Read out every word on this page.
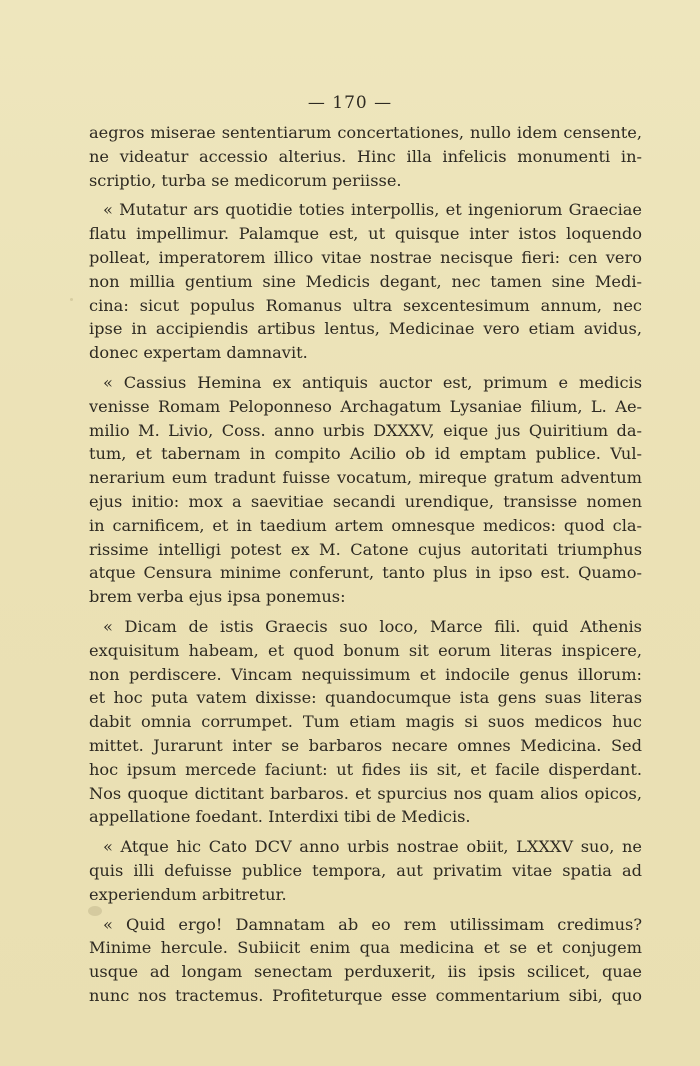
— 170 —

aegros miserae sententiarum concertationes, nullo idem censente,
ne videatur accessio alterius. Hinc illa infelicis monumenti in-
scriptio, turba se medicorum periisse.

« Mutatur ars quotidie toties interpollis, et ingeniorum Graeciae
flatu impellimur. Palamque est, ut quisque inter istos loquendo
polleat, imperatorem illico vitae nostrae necisque fieri: cen vero
non millia gentium sine Medicis degant, nec tamen sine Medi-
cina: sicut populus Romanus ultra sexcentesimum annum, nec
ipse in accipiendis artibus lentus, Medicinae vero etiam avidus,
donec expertam damnavit.

« Cassius Hemina ex antiquis auctor est, primum e medicis
venisse Romam Peloponneso Archagatum Lysaniae filium, L. Ae-
milio M. Livio, Coss. anno urbis DXXXV, eique jus Quiritium da-
tum, et tabernam in compito Acilio ob id emptam publice. Vul-
nerarium eum tradunt fuisse vocatum, mireque gratum adventum
ejus initio: mox a saevitiae secandi urendique, transisse nomen
in carnificem, et in taedium artem omnesque medicos: quod cla-
rissime intelligi potest ex M. Catone cujus autoritati triumphus
atque Censura minime conferunt, tanto plus in ipso est. Quamo-
brem verba ejus ipsa ponemus:

« Dicam de istis Graecis suo loco, Marce fili. quid Athenis
exquisitum habeam, et quod bonum sit eorum literas inspicere,
non perdiscere. Vincam nequissimum et indocile genus illorum:
et hoc puta vatem dixisse: quandocumque ista gens suas literas
dabit omnia corrumpet. Tum etiam magis si suos medicos huc
mittet. Jurarunt inter se barbaros necare omnes Medicina. Sed
hoc ipsum mercede faciunt: ut fides iis sit, et facile disperdant.
Nos quoque dictitant barbaros. et spurcius nos quam alios opicos,
appellatione foedant. Interdixi tibi de Medicis.

« Atque hic Cato DCV anno urbis nostrae obiit, LXXXV suo, ne
quis illi defuisse publice tempora, aut privatim vitae spatia ad
experiendum arbitretur.

« Quid ergo! Damnatam ab eo rem utilissimam credimus?
Minime hercule. Subiicit enim qua medicina et se et conjugem
usque ad longam senectam perduxerit, iis ipsis scilicet, quae
nunc nos tractemus. Profiteturque esse commentarium sibi, quo
